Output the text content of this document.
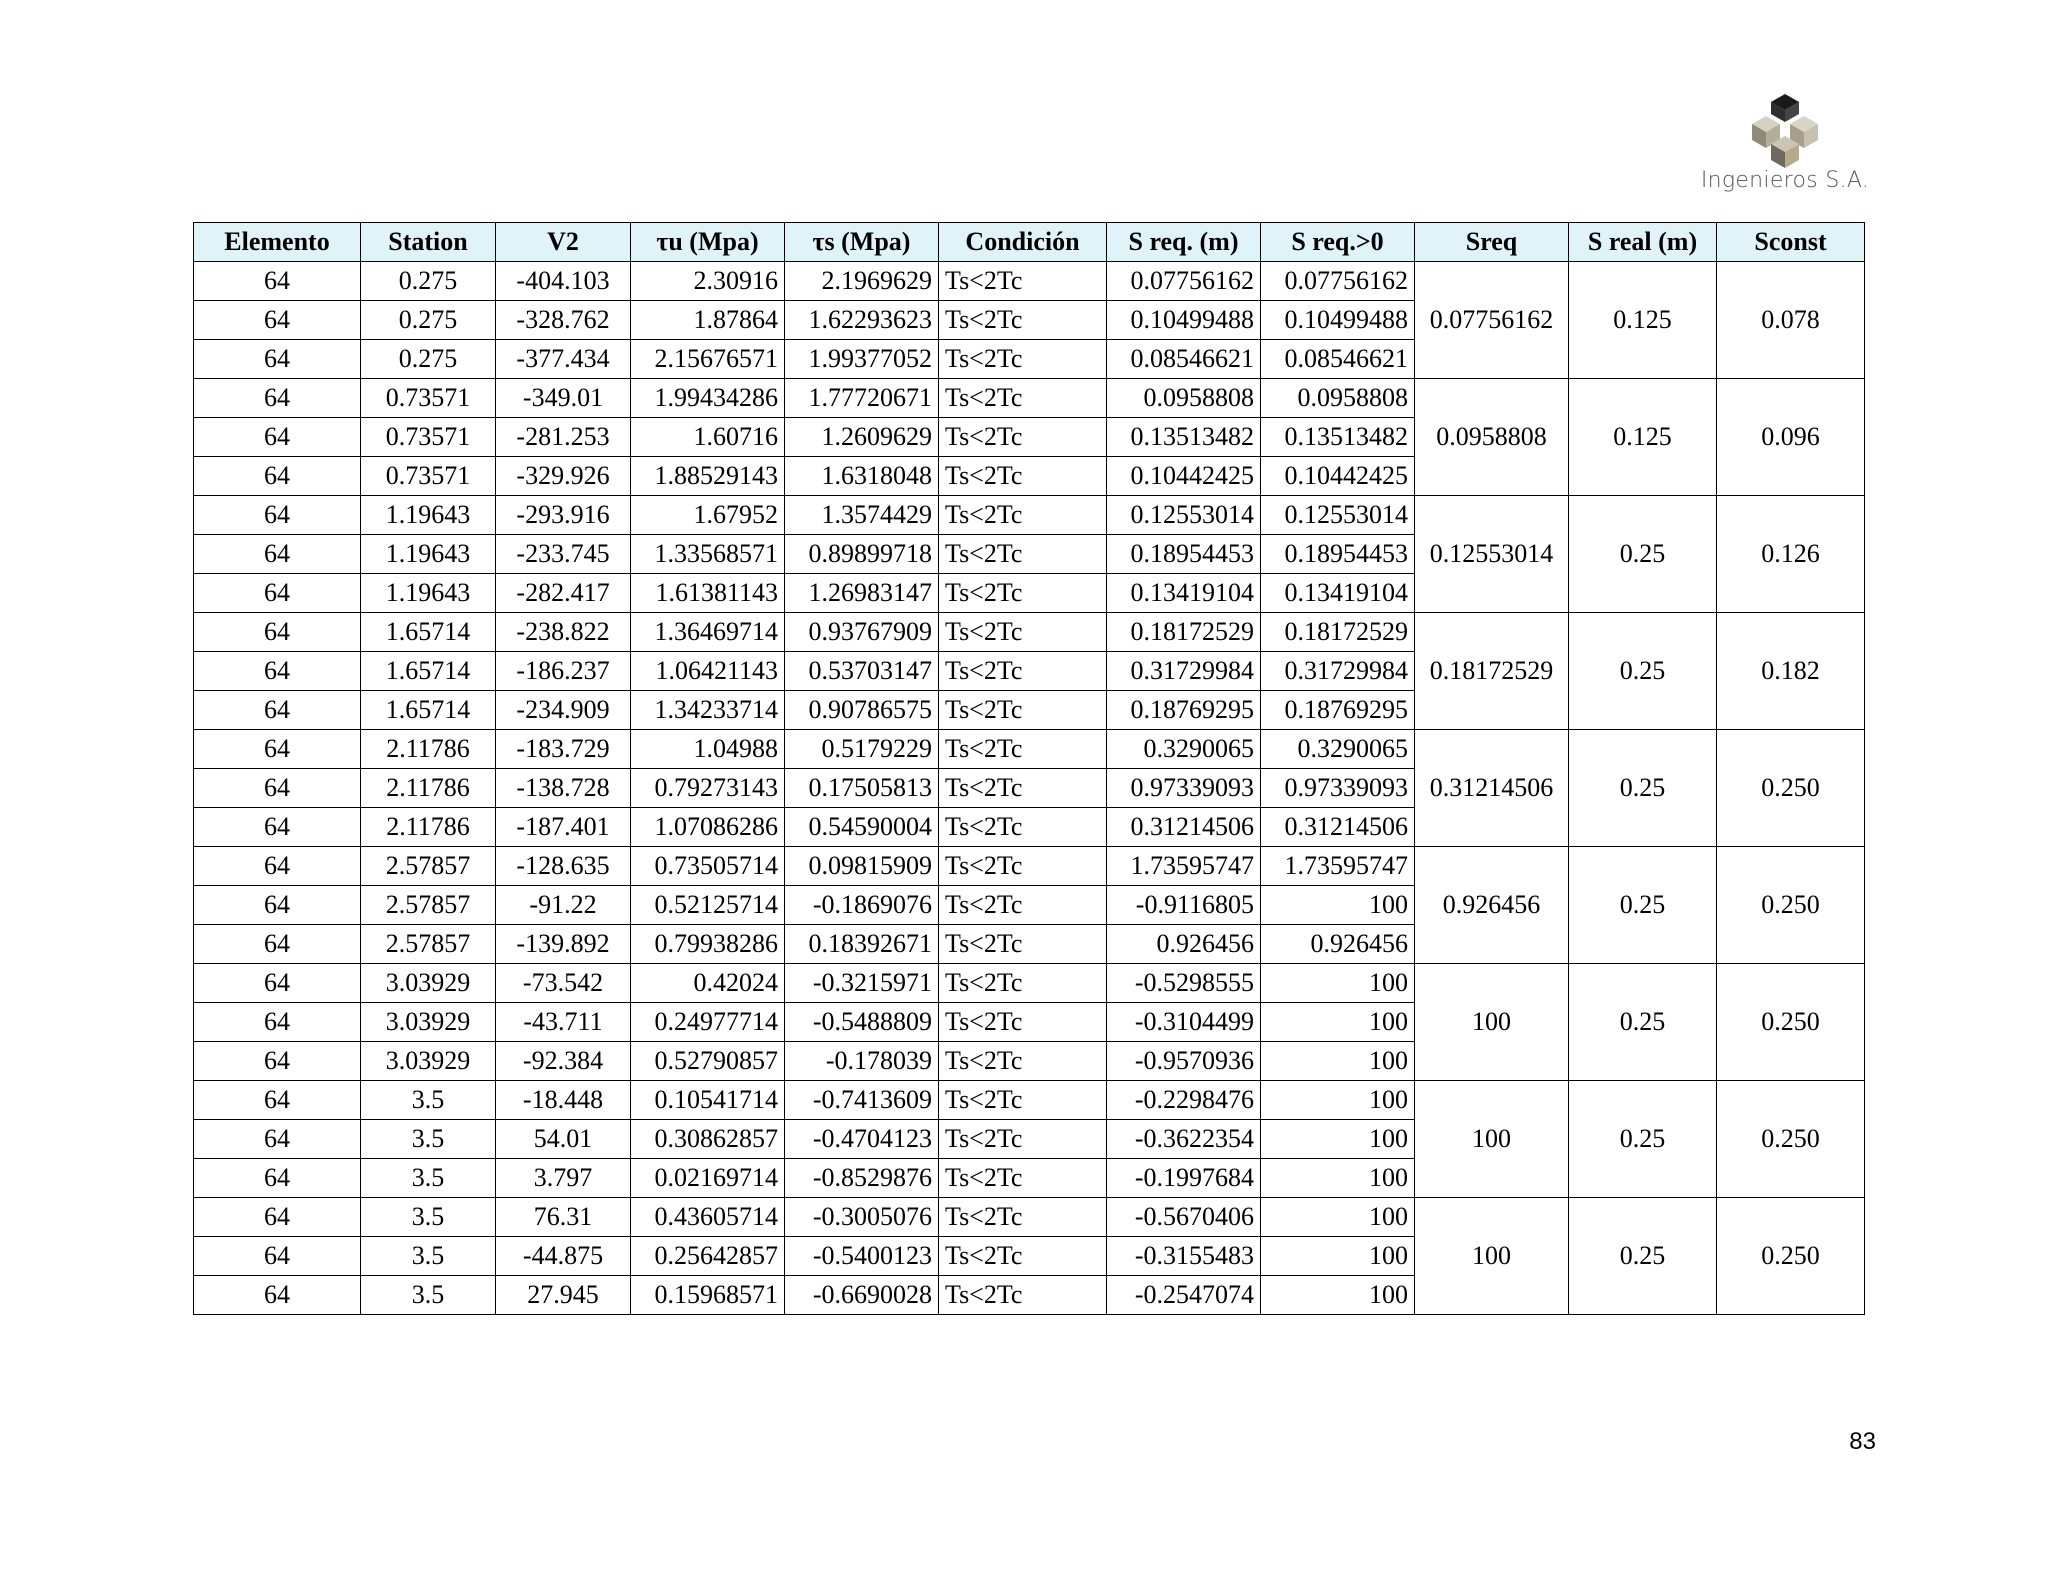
Ingenieros S.A.
Elemento	Station	V2	τu (Mpa)	τs (Mpa)	Condición	S req. (m)	S req.>0	Sreq	S real (m)	Sconst
64	0.275	-404.103	2.30916	2.1969629	Ts<2Tc	0.07756162	0.07756162	0.07756162	0.125	0.078
64	0.275	-328.762	1.87864	1.62293623	Ts<2Tc	0.10499488	0.10499488			
64	0.275	-377.434	2.15676571	1.99377052	Ts<2Tc	0.08546621	0.08546621			
64	0.73571	-349.01	1.99434286	1.77720671	Ts<2Tc	0.0958808	0.0958808	0.0958808	0.125	0.096
64	0.73571	-281.253	1.60716	1.2609629	Ts<2Tc	0.13513482	0.13513482			
64	0.73571	-329.926	1.88529143	1.6318048	Ts<2Tc	0.10442425	0.10442425			
64	1.19643	-293.916	1.67952	1.3574429	Ts<2Tc	0.12553014	0.12553014	0.12553014	0.25	0.126
64	1.19643	-233.745	1.33568571	0.89899718	Ts<2Tc	0.18954453	0.18954453			
64	1.19643	-282.417	1.61381143	1.26983147	Ts<2Tc	0.13419104	0.13419104			
64	1.65714	-238.822	1.36469714	0.93767909	Ts<2Tc	0.18172529	0.18172529	0.18172529	0.25	0.182
64	1.65714	-186.237	1.06421143	0.53703147	Ts<2Tc	0.31729984	0.31729984			
64	1.65714	-234.909	1.34233714	0.90786575	Ts<2Tc	0.18769295	0.18769295			
64	2.11786	-183.729	1.04988	0.5179229	Ts<2Tc	0.3290065	0.3290065	0.31214506	0.25	0.250
64	2.11786	-138.728	0.79273143	0.17505813	Ts<2Tc	0.97339093	0.97339093			
64	2.11786	-187.401	1.07086286	0.54590004	Ts<2Tc	0.31214506	0.31214506			
64	2.57857	-128.635	0.73505714	0.09815909	Ts<2Tc	1.73595747	1.73595747	0.926456	0.25	0.250
64	2.57857	-91.22	0.52125714	-0.1869076	Ts<2Tc	-0.9116805	100			
64	2.57857	-139.892	0.79938286	0.18392671	Ts<2Tc	0.926456	0.926456			
64	3.03929	-73.542	0.42024	-0.3215971	Ts<2Tc	-0.5298555	100	100	0.25	0.250
64	3.03929	-43.711	0.24977714	-0.5488809	Ts<2Tc	-0.3104499	100			
64	3.03929	-92.384	0.52790857	-0.178039	Ts<2Tc	-0.9570936	100			
64	3.5	-18.448	0.10541714	-0.7413609	Ts<2Tc	-0.2298476	100	100	0.25	0.250
64	3.5	54.01	0.30862857	-0.4704123	Ts<2Tc	-0.3622354	100			
64	3.5	3.797	0.02169714	-0.8529876	Ts<2Tc	-0.1997684	100			
64	3.5	76.31	0.43605714	-0.3005076	Ts<2Tc	-0.5670406	100	100	0.25	0.250
64	3.5	-44.875	0.25642857	-0.5400123	Ts<2Tc	-0.3155483	100			
64	3.5	27.945	0.15968571	-0.6690028	Ts<2Tc	-0.2547074	100			
83
